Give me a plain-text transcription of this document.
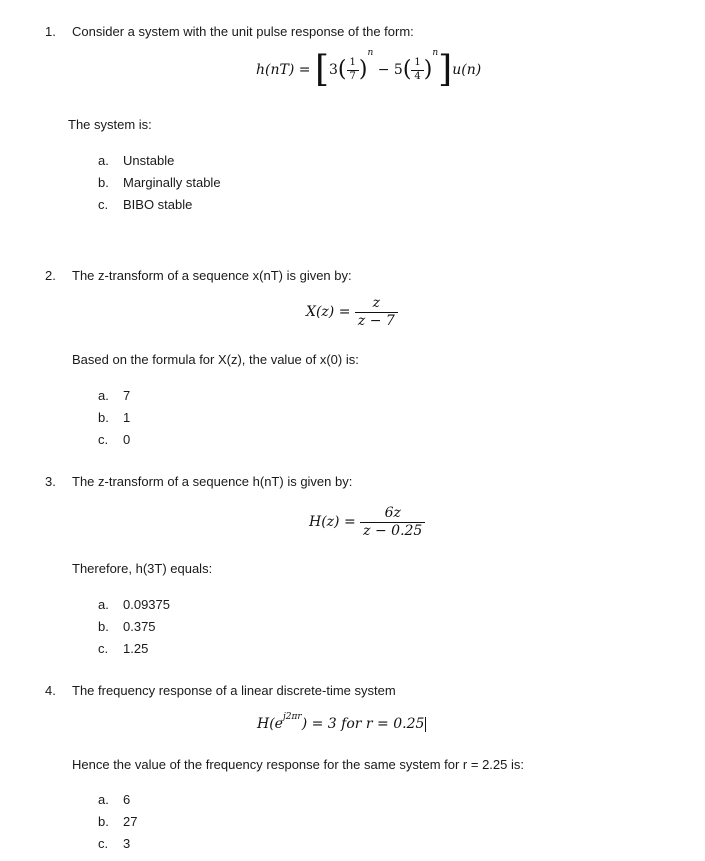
1. Consider a system with the unit pulse response of the form:
$h(nT) = [3( \frac{1}{7} )^n - 5( \frac{1}{4} )^n]u(n)$
The system is:
a. Unstable
b. Marginally stable
c. BIBO stable
2. The z-transform of a sequence x(nT) is given by:
$X(z) = \frac{z}{z - 7}$
Based on the formula for X(z), the value of x(0) is:
a. 7
b. 1
c. 0
3. The z-transform of a sequence h(nT) is given by:
$H(z) = \frac{6z}{z - 0.25}$
Therefore, h(3T) equals:
a. 0.09375
b. 0.375
c. 1.25
4. The frequency response of a linear discrete-time system
$H(e^{j2\pi r}) = 3$ for r = 0.25
Hence the value of the frequency response for the same system for r = 2.25 is:
a. 6
b. 27
c. 3
